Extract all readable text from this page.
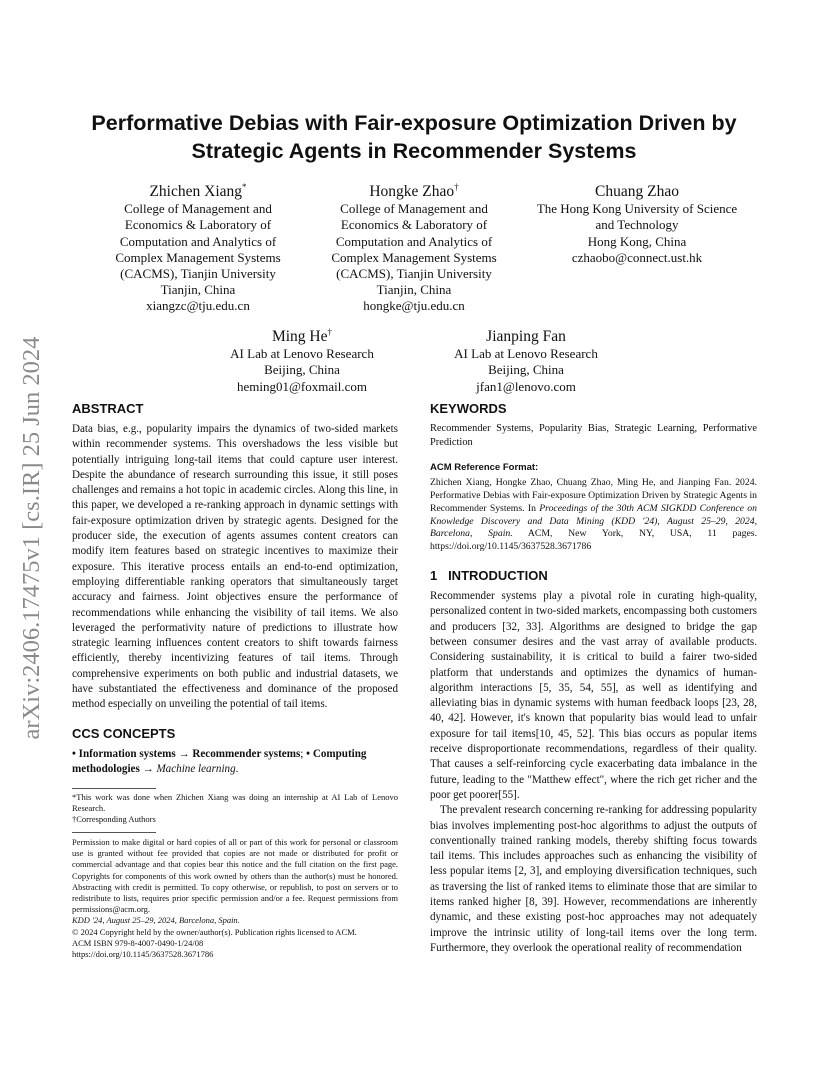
arXiv:2406.17475v1 [cs.IR] 25 Jun 2024
Performative Debias with Fair-exposure Optimization Driven by Strategic Agents in Recommender Systems
Zhichen Xiang*
College of Management and
Economics & Laboratory of
Computation and Analytics of
Complex Management Systems
(CACMS), Tianjin University
Tianjin, China
xiangzc@tju.edu.cn
Hongke Zhao†
College of Management and
Economics & Laboratory of
Computation and Analytics of
Complex Management Systems
(CACMS), Tianjin University
Tianjin, China
hongke@tju.edu.cn
Chuang Zhao
The Hong Kong University of Science
and Technology
Hong Kong, China
czhaobo@connect.ust.hk
Ming He†
AI Lab at Lenovo Research
Beijing, China
heming01@foxmail.com
Jianping Fan
AI Lab at Lenovo Research
Beijing, China
jfan1@lenovo.com
ABSTRACT

Data bias, e.g., popularity impairs the dynamics of two-sided markets within recommender systems. This overshadows the less visible but potentially intriguing long-tail items that could capture user interest. Despite the abundance of research surrounding this issue, it still poses challenges and remains a hot topic in academic circles. Along this line, in this paper, we developed a re-ranking approach in dynamic settings with fair-exposure optimization driven by strategic agents. Designed for the producer side, the execution of agents assumes content creators can modify item features based on strategic incentives to maximize their exposure. This iterative process entails an end-to-end optimization, employing differentiable ranking operators that simultaneously target accuracy and fairness. Joint objectives ensure the performance of recommendations while enhancing the visibility of tail items. We also leveraged the performativity nature of predictions to illustrate how strategic learning influences content creators to shift towards fairness efficiently, thereby incentivizing features of tail items. Through comprehensive experiments on both public and industrial datasets, we have substantiated the effectiveness and dominance of the proposed method especially on unveiling the potential of tail items.

CCS CONCEPTS

• Information systems → Recommender systems; • Computing methodologies → Machine learning.

*This work was done when Zhichen Xiang was doing an internship at AI Lab of Lenovo Research.

†Corresponding Authors

Permission to make digital or hard copies of all or part of this work for personal or classroom use is granted without fee provided that copies are not made or distributed for profit or commercial advantage and that copies bear this notice and the full citation on the first page. Copyrights for components of this work owned by others than the author(s) must be honored. Abstracting with credit is permitted. To copy otherwise, or republish, to post on servers or to redistribute to lists, requires prior specific permission and/or a fee. Request permissions from permissions@acm.org.

KDD '24, August 25–29, 2024, Barcelona, Spain.

© 2024 Copyright held by the owner/author(s). Publication rights licensed to ACM.

ACM ISBN 979-8-4007-0490-1/24/08

https://doi.org/10.1145/3637528.3671786

KEYWORDS

Recommender Systems, Popularity Bias, Strategic Learning, Performative Prediction

ACM Reference Format:

Zhichen Xiang, Hongke Zhao, Chuang Zhao, Ming He, and Jianping Fan. 2024. Performative Debias with Fair-exposure Optimization Driven by Strategic Agents in Recommender Systems. In Proceedings of the 30th ACM SIGKDD Conference on Knowledge Discovery and Data Mining (KDD '24), August 25–29, 2024, Barcelona, Spain. ACM, New York, NY, USA, 11 pages. https://doi.org/10.1145/3637528.3671786

1   INTRODUCTION

Recommender systems play a pivotal role in curating high-quality, personalized content in two-sided markets, encompassing both customers and producers [32, 33]. Algorithms are designed to bridge the gap between consumer desires and the vast array of available products. Considering sustainability, it is critical to build a fairer two-sided platform that understands and optimizes the dynamics of human-algorithm interactions [5, 35, 54, 55], as well as identifying and alleviating bias in dynamic systems with human feedback loops [23, 28, 40, 42]. However, it's known that popularity bias would lead to unfair exposure for tail items[10, 45, 52]. This bias occurs as popular items receive disproportionate recommendations, regardless of their quality. That causes a self-reinforcing cycle exacerbating data imbalance in the future, leading to the "Matthew effect", where the rich get richer and the poor get poorer[55].

The prevalent research concerning re-ranking for addressing popularity bias involves implementing post-hoc algorithms to adjust the outputs of conventionally trained ranking models, thereby shifting focus towards tail items. This includes approaches such as enhancing the visibility of less popular items [2, 3], and employing diversification techniques, such as traversing the list of ranked items to eliminate those that are similar to items ranked higher [8, 39]. However, recommendations are inherently dynamic, and these existing post-hoc approaches may not adequately improve the intrinsic utility of long-tail items over the long term. Furthermore, they overlook the operational reality of recommendation
